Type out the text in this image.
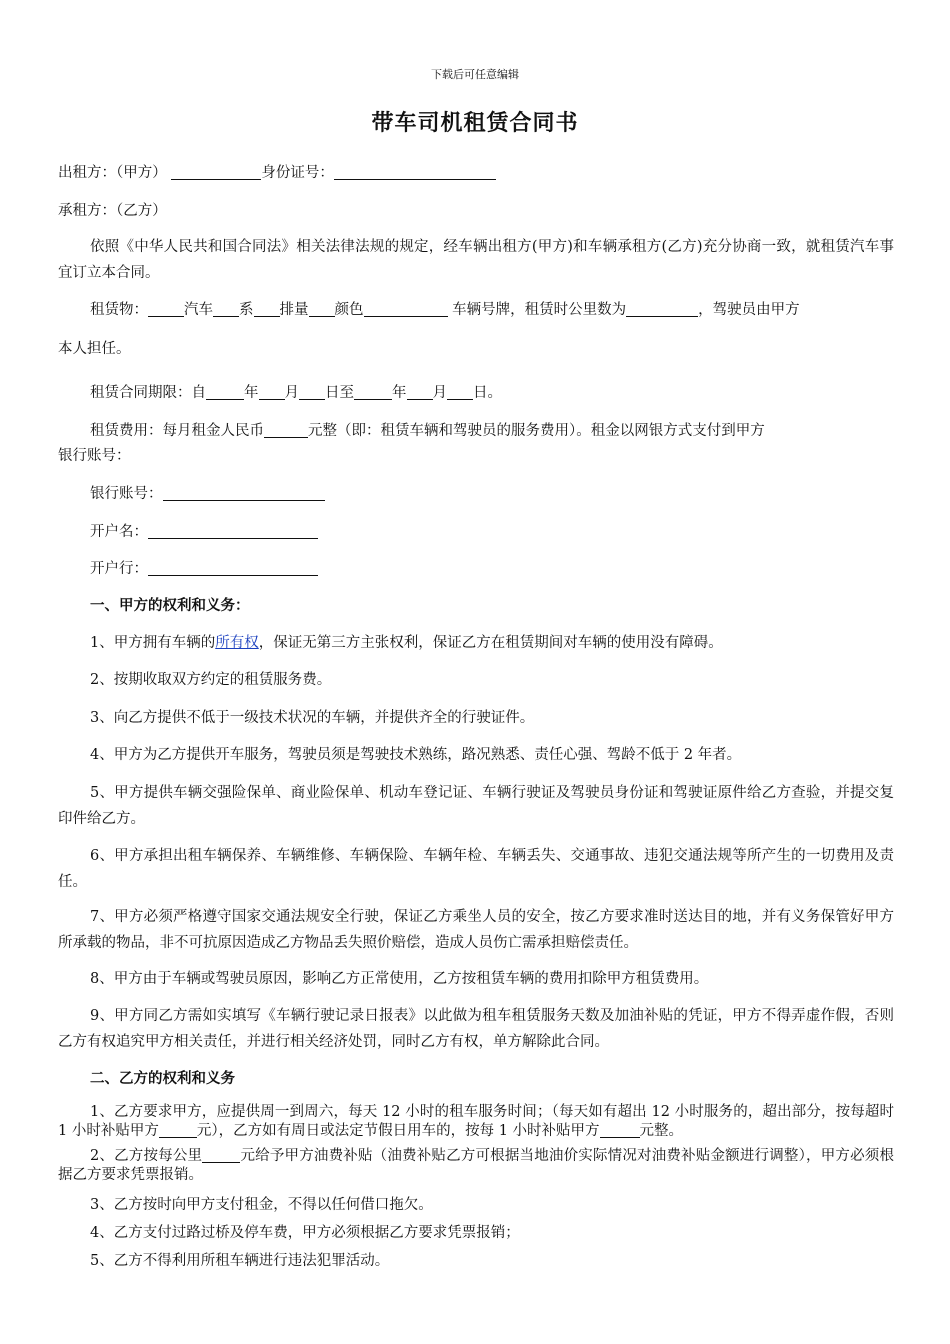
下载后可任意编辑
带车司机租赁合同书
出租方：（甲方）	身份证号：
承租方：（乙方）
依照《中华人民共和国合同法》相关法律法规的规定，经车辆出租方(甲方)和车辆承租方(乙方)充分协商一致，就租赁汽车事宜订立本合同。
租赁物： 汽车 系 排量 颜色	车辆号牌，租赁时公里数为	，驾驶员由甲方
本人担任。
租赁合同期限：自	年 月 日至	年 月 日。
租赁费用：每月租金人民币	元整（即：租赁车辆和驾驶员的服务费用）。租金以网银方式支付到甲方
银行账号：
银行账号：
开户名：
开户行：
一、甲方的权利和义务：
1、甲方拥有车辆的所有权，保证无第三方主张权利，保证乙方在租赁期间对车辆的使用没有障碍。
2、按期收取双方约定的租赁服务费。
3、向乙方提供不低于一级技术状况的车辆，并提供齐全的行驶证件。
4、甲方为乙方提供开车服务，驾驶员须是驾驶技术熟练，路况熟悉、责任心强、驾龄不低于 2 年者。
5、甲方提供车辆交强险保单、商业险保单、机动车登记证、车辆行驶证及驾驶员身份证和驾驶证原件给乙方查验，并提交复印件给乙方。
6、甲方承担出租车辆保养、车辆维修、车辆保险、车辆年检、车辆丢失、交通事故、违犯交通法规等所产生的一切费用及责任。
7、甲方必须严格遵守国家交通法规安全行驶，保证乙方乘坐人员的安全，按乙方要求准时送达目的地，并有义务保管好甲方所承载的物品，非不可抗原因造成乙方物品丢失照价赔偿，造成人员伤亡需承担赔偿责任。
8、甲方由于车辆或驾驶员原因，影响乙方正常使用，乙方按租赁车辆的费用扣除甲方租赁费用。
9、甲方同乙方需如实填写《车辆行驶记录日报表》以此做为租车租赁服务天数及加油补贴的凭证，甲方不得弄虚作假，否则乙方有权追究甲方相关责任，并进行相关经济处罚，同时乙方有权，单方解除此合同。
二、乙方的权利和义务
1、乙方要求甲方，应提供周一到周六，每天 12 小时的租车服务时间；（每天如有超出 12 小时服务的，超出部分，按每超时 1 小时补贴甲方	元），乙方如有周日或法定节假日用车的，按每 1 小时补贴甲方	元整。
2、乙方按每公里	元给予甲方油费补贴（油费补贴乙方可根据当地油价实际情况对油费补贴金额进行调整），甲方必须根据乙方要求凭票报销。
3、乙方按时向甲方支付租金，不得以任何借口拖欠。
4、乙方支付过路过桥及停车费，甲方必须根据乙方要求凭票报销；
5、乙方不得利用所租车辆进行违法犯罪活动。
